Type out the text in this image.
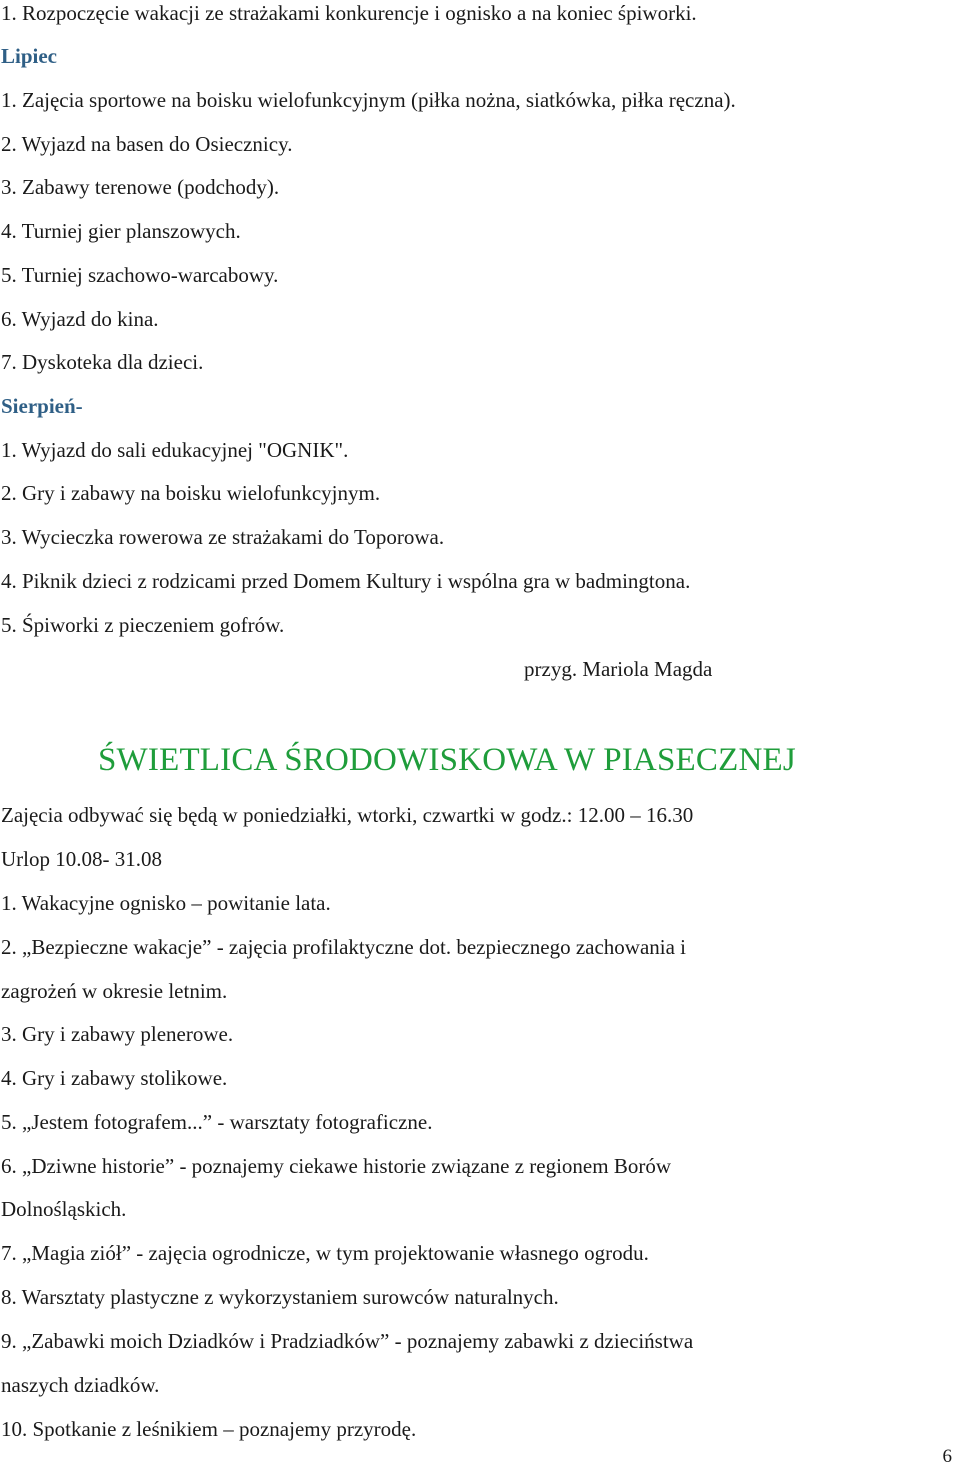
1. Rozpoczęcie wakacji ze strażakami konkurencje i ognisko a na koniec śpiworki.
Lipiec
1. Zajęcia sportowe na boisku wielofunkcyjnym (piłka nożna, siatkówka, piłka ręczna).
2. Wyjazd na basen do Osiecznicy.
3. Zabawy terenowe (podchody).
4. Turniej gier planszowych.
5. Turniej szachowo-warcabowy.
6. Wyjazd do kina.
7. Dyskoteka dla dzieci.
Sierpień-
1. Wyjazd do sali edukacyjnej "OGNIK".
2. Gry i zabawy na boisku wielofunkcyjnym.
3. Wycieczka rowerowa ze strażakami do Toporowa.
4. Piknik dzieci z rodzicami przed Domem Kultury i wspólna gra w badmingtona.
5. Śpiworki z pieczeniem gofrów.
przyg. Mariola Magda
ŚWIETLICA ŚRODOWISKOWA W PIASECZNEJ
Zajęcia odbywać się będą w poniedziałki, wtorki, czwartki w godz.: 12.00 – 16.30
Urlop 10.08- 31.08
1. Wakacyjne ognisko – powitanie lata.
2. „Bezpieczne wakacje” - zajęcia profilaktyczne dot. bezpiecznego zachowania i
zagrożeń w okresie letnim.
3. Gry i zabawy plenerowe.
4. Gry i zabawy stolikowe.
5. „Jestem fotografem...” - warsztaty fotograficzne.
6. „Dziwne historie” - poznajemy ciekawe historie związane z regionem Borów
Dolnośląskich.
7. „Magia ziół” - zajęcia ogrodnicze, w tym projektowanie własnego ogrodu.
8. Warsztaty plastyczne z wykorzystaniem surowców naturalnych.
9. „Zabawki moich Dziadków i Pradziadków” - poznajemy zabawki z dzieciństwa
naszych dziadków.
10. Spotkanie z leśnikiem – poznajemy przyrodę.
6
